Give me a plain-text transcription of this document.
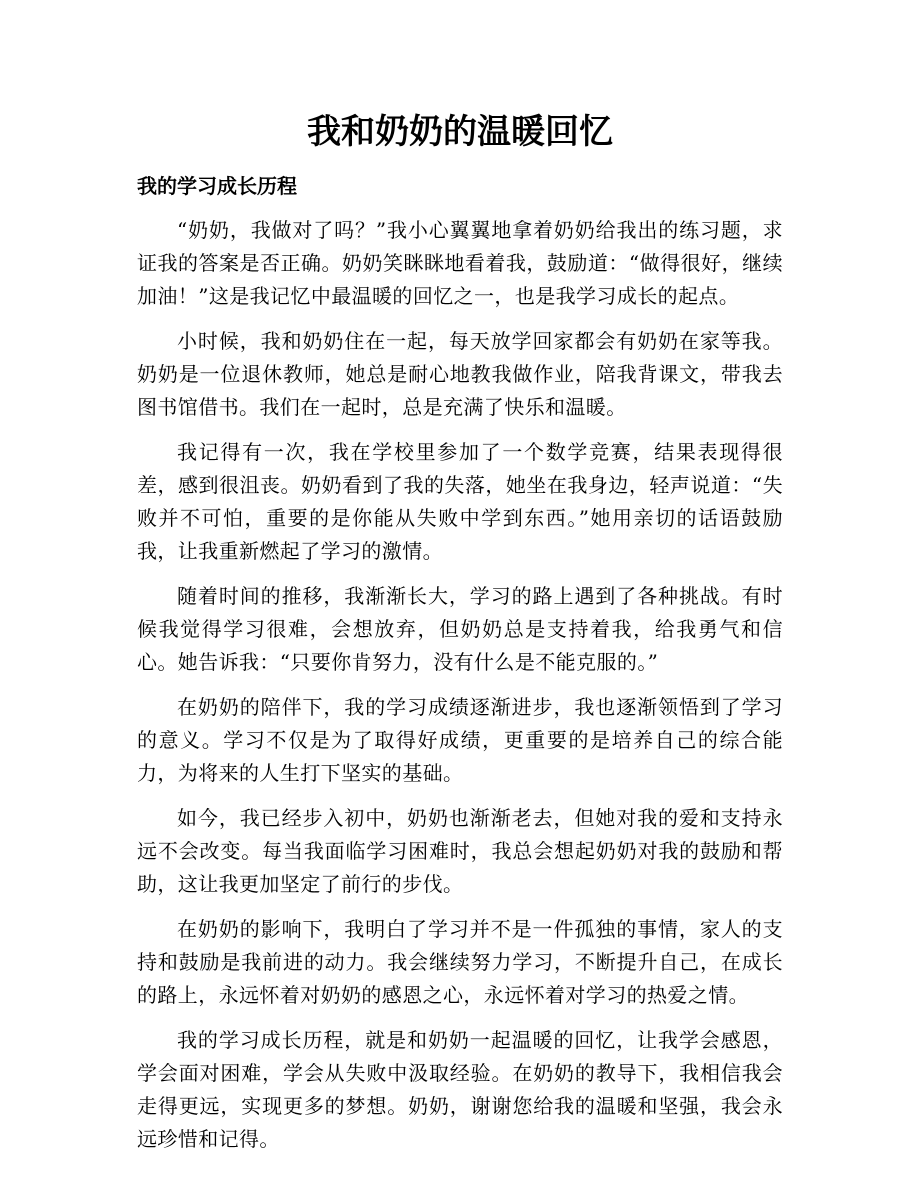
我和奶奶的温暖回忆
我的学习成长历程

“奶奶，我做对了吗？”我小心翼翼地拿着奶奶给我出的练习题，求证我的答案是否正确。奶奶笑眯眯地看着我，鼓励道：“做得很好，继续加油！”这是我记忆中最温暖的回忆之一，也是我学习成长的起点。

小时候，我和奶奶住在一起，每天放学回家都会有奶奶在家等我。奶奶是一位退休教师，她总是耐心地教我做作业，陪我背课文，带我去图书馆借书。我们在一起时，总是充满了快乐和温暖。

我记得有一次，我在学校里参加了一个数学竞赛，结果表现得很差，感到很沮丧。奶奶看到了我的失落，她坐在我身边，轻声说道：“失败并不可怕，重要的是你能从失败中学到东西。”她用亲切的话语鼓励我，让我重新燃起了学习的激情。

随着时间的推移，我渐渐长大，学习的路上遇到了各种挑战。有时候我觉得学习很难，会想放弃，但奶奶总是支持着我，给我勇气和信心。她告诉我：“只要你肯努力，没有什么是不能克服的。”

在奶奶的陪伴下，我的学习成绩逐渐进步，我也逐渐领悟到了学习的意义。学习不仅是为了取得好成绩，更重要的是培养自己的综合能力，为将来的人生打下坚实的基础。

如今，我已经步入初中，奶奶也渐渐老去，但她对我的爱和支持永远不会改变。每当我面临学习困难时，我总会想起奶奶对我的鼓励和帮助，这让我更加坚定了前行的步伐。

在奶奶的影响下，我明白了学习并不是一件孤独的事情，家人的支持和鼓励是我前进的动力。我会继续努力学习，不断提升自己，在成长的路上，永远怀着对奶奶的感恩之心，永远怀着对学习的热爱之情。

我的学习成长历程，就是和奶奶一起温暖的回忆，让我学会感恩，学会面对困难，学会从失败中汲取经验。在奶奶的教导下，我相信我会走得更远，实现更多的梦想。奶奶，谢谢您给我的温暖和坚强，我会永远珍惜和记得。
